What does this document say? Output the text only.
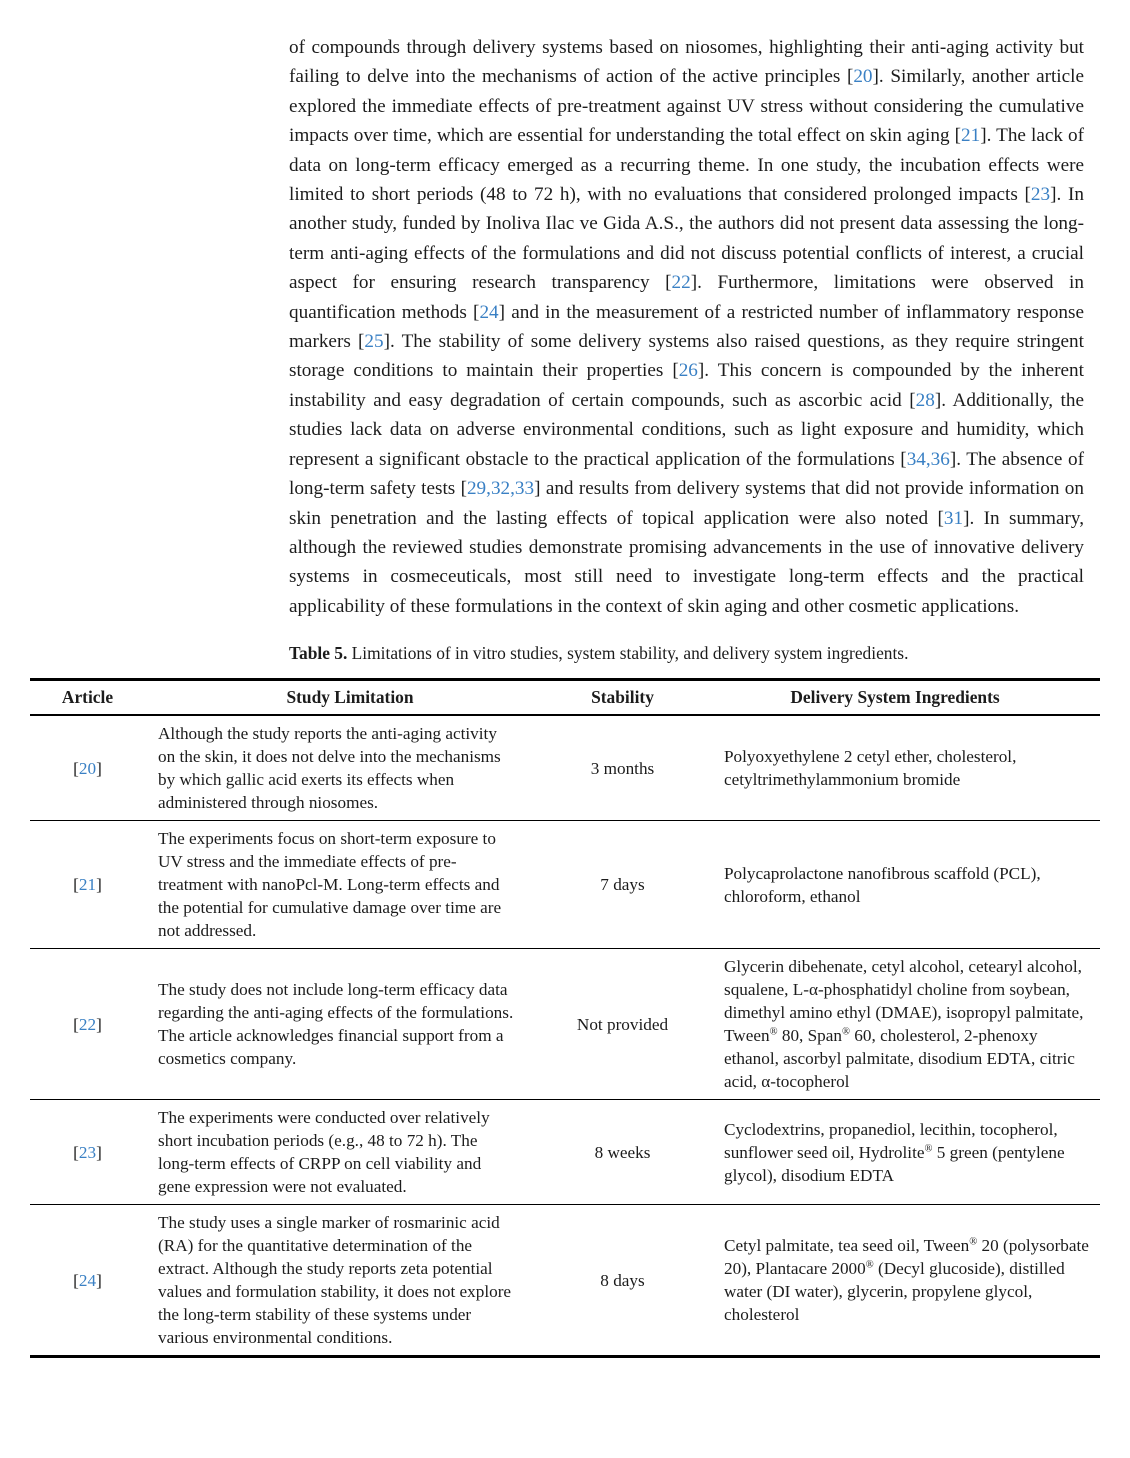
of compounds through delivery systems based on niosomes, highlighting their anti-aging activity but failing to delve into the mechanisms of action of the active principles [20]. Similarly, another article explored the immediate effects of pre-treatment against UV stress without considering the cumulative impacts over time, which are essential for understanding the total effect on skin aging [21]. The lack of data on long-term efficacy emerged as a recurring theme. In one study, the incubation effects were limited to short periods (48 to 72 h), with no evaluations that considered prolonged impacts [23]. In another study, funded by Inoliva Ilac ve Gida A.S., the authors did not present data assessing the long-term anti-aging effects of the formulations and did not discuss potential conflicts of interest, a crucial aspect for ensuring research transparency [22]. Furthermore, limitations were observed in quantification methods [24] and in the measurement of a restricted number of inflammatory response markers [25]. The stability of some delivery systems also raised questions, as they require stringent storage conditions to maintain their properties [26]. This concern is compounded by the inherent instability and easy degradation of certain compounds, such as ascorbic acid [28]. Additionally, the studies lack data on adverse environmental conditions, such as light exposure and humidity, which represent a significant obstacle to the practical application of the formulations [34,36]. The absence of long-term safety tests [29,32,33] and results from delivery systems that did not provide information on skin penetration and the lasting effects of topical application were also noted [31]. In summary, although the reviewed studies demonstrate promising advancements in the use of innovative delivery systems in cosmeceuticals, most still need to investigate long-term effects and the practical applicability of these formulations in the context of skin aging and other cosmetic applications.

Table 5. Limitations of in vitro studies, system stability, and delivery system ingredients.

Article	Study Limitation	Stability	Delivery System Ingredients
[20]	Although the study reports the anti-aging activity on the skin, it does not delve into the mechanisms by which gallic acid exerts its effects when administered through niosomes.	3 months	Polyoxyethylene 2 cetyl ether, cholesterol, cetyltrimethylammonium bromide
[21]	The experiments focus on short-term exposure to UV stress and the immediate effects of pre-treatment with nanoPcl-M. Long-term effects and the potential for cumulative damage over time are not addressed.	7 days	Polycaprolactone nanofibrous scaffold (PCL), chloroform, ethanol
[22]	The study does not include long-term efficacy data regarding the anti-aging effects of the formulations. The article acknowledges financial support from a cosmetics company.	Not provided	Glycerin dibehenate, cetyl alcohol, cetearyl alcohol, squalene, L-α-phosphatidyl choline from soybean, dimethyl amino ethyl (DMAE), isopropyl palmitate, Tween® 80, Span® 60, cholesterol, 2-phenoxy ethanol, ascorbyl palmitate, disodium EDTA, citric acid, α-tocopherol
[23]	The experiments were conducted over relatively short incubation periods (e.g., 48 to 72 h). The long-term effects of CRPP on cell viability and gene expression were not evaluated.	8 weeks	Cyclodextrins, propanediol, lecithin, tocopherol, sunflower seed oil, Hydrolite® 5 green (pentylene glycol), disodium EDTA
[24]	The study uses a single marker of rosmarinic acid (RA) for the quantitative determination of the extract. Although the study reports zeta potential values and formulation stability, it does not explore the long-term stability of these systems under various environmental conditions.	8 days	Cetyl palmitate, tea seed oil, Tween® 20 (polysorbate 20), Plantacare 2000® (Decyl glucoside), distilled water (DI water), glycerin, propylene glycol, cholesterol
